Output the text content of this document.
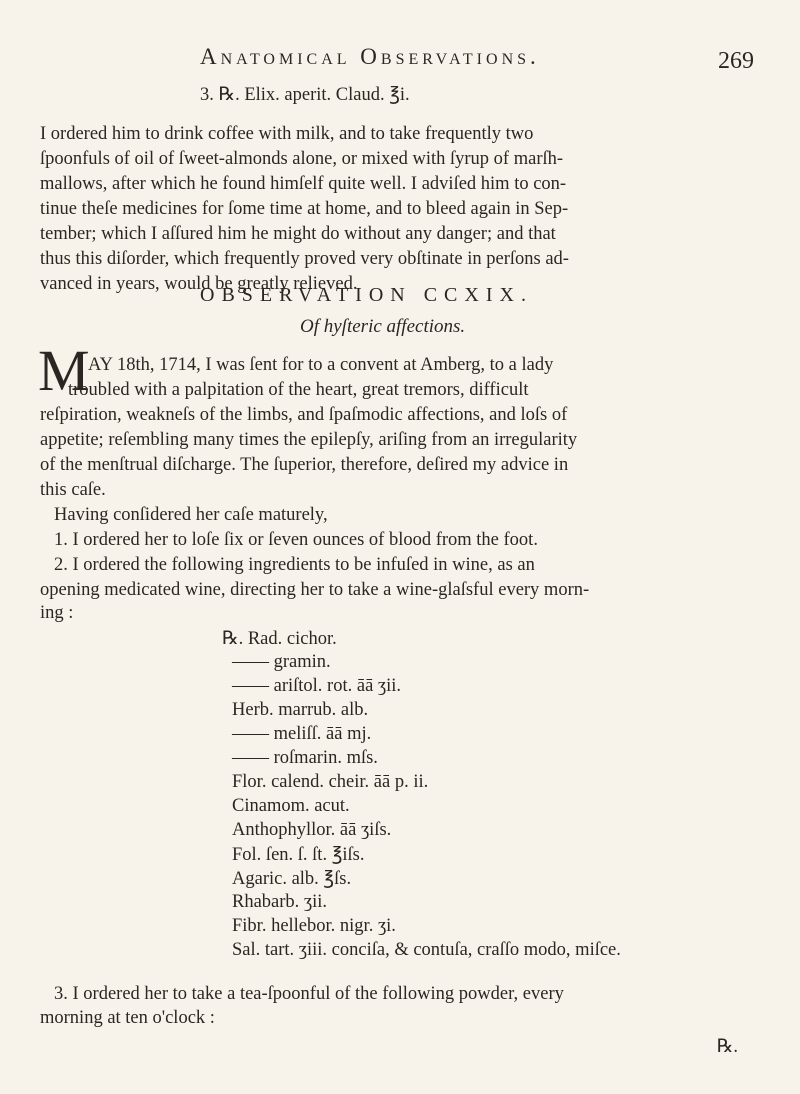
Anatomical Observations.	269
3. ℞. Elix. aperit. Claud. ℥i.
I ordered him to drink coffee with milk, and to take frequently two
ſpoonfuls of oil of ſweet-almonds alone, or mixed with ſyrup of marſh-
mallows, after which he found himſelf quite well. I adviſed him to con-
tinue theſe medicines for ſome time at home, and to bleed again in Sep-
tember; which I aſſured him he might do without any danger; and that
thus this diſorder, which frequently proved very obſtinate in perſons ad-
vanced in years, would be greatly relieved.
OBSERVATION CCXIX.
Of hyſteric affections.
M
AY 18th, 1714, I was ſent for to a convent at Amberg, to a lady
troubled with a palpitation of the heart, great tremors, difficult
reſpiration, weakneſs of the limbs, and ſpaſmodic affections, and loſs of
appetite; reſembling many times the epilepſy, ariſing from an irregularity
of the menſtrual diſcharge. The ſuperior, therefore, deſired my advice in
this caſe.
Having conſidered her caſe maturely,
1. I ordered her to loſe ſix or ſeven ounces of blood from the foot.
2. I ordered the following ingredients to be infuſed in wine, as an
opening medicated wine, directing her to take a wine-glaſsful every morn-
ing :
℞. Rad. cichor.
—— gramin.
—— ariſtol. rot. āā ʒii.
Herb. marrub. alb.
—— meliſſ. āā mj.
—— roſmarin. mſs.
Flor. calend. cheir. āā p. ii.
Cinamom. acut.
Anthophyllor. āā ʒiſs.
Fol. ſen. ſ. ſt. ℥iſs.
Agaric. alb. ℥ſs.
Rhabarb. ʒii.
Fibr. hellebor. nigr. ʒi.
Sal. tart. ʒiii. conciſa, & contuſa, craſſo modo, miſce.
3. I ordered her to take a tea-ſpoonful of the following powder, every
morning at ten o'clock :
℞.
